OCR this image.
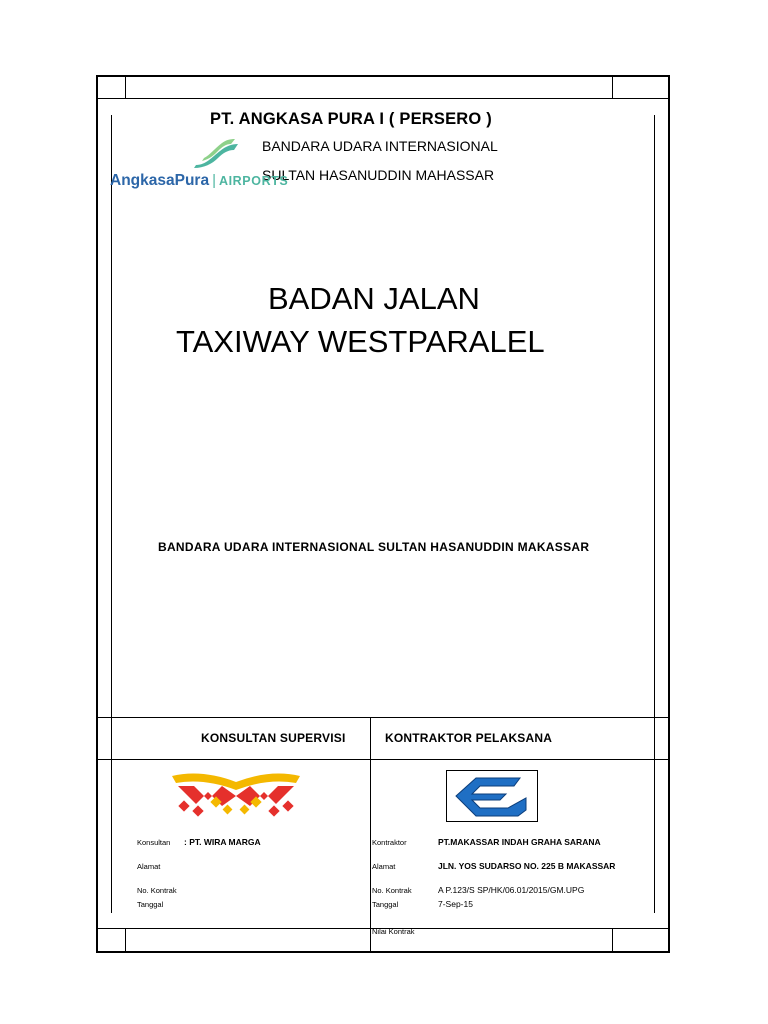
PT. ANGKASA PURA I ( PERSERO )
BANDARA UDARA INTERNASIONAL
SULTAN HASANUDDIN MAHASSAR
AngkasaPura | AIRPORTS
BADAN JALAN
TAXIWAY WESTPARALEL
BANDARA UDARA INTERNASIONAL SULTAN HASANUDDIN MAKASSAR
KONSULTAN SUPERVISI	KONTRAKTOR PELAKSANA
Konsultan : PT. WIRA MARGA
Alamat
No. Kontrak
Tanggal
Kontraktor	PT.MAKASSAR INDAH GRAHA SARANA
Alamat	JLN. YOS SUDARSO NO. 225 B MAKASSAR
No. Kontrak	A P.123/S SP/HK/06.01/2015/GM.UPG
Tanggal	7-Sep-15
Nilai Kontrak
